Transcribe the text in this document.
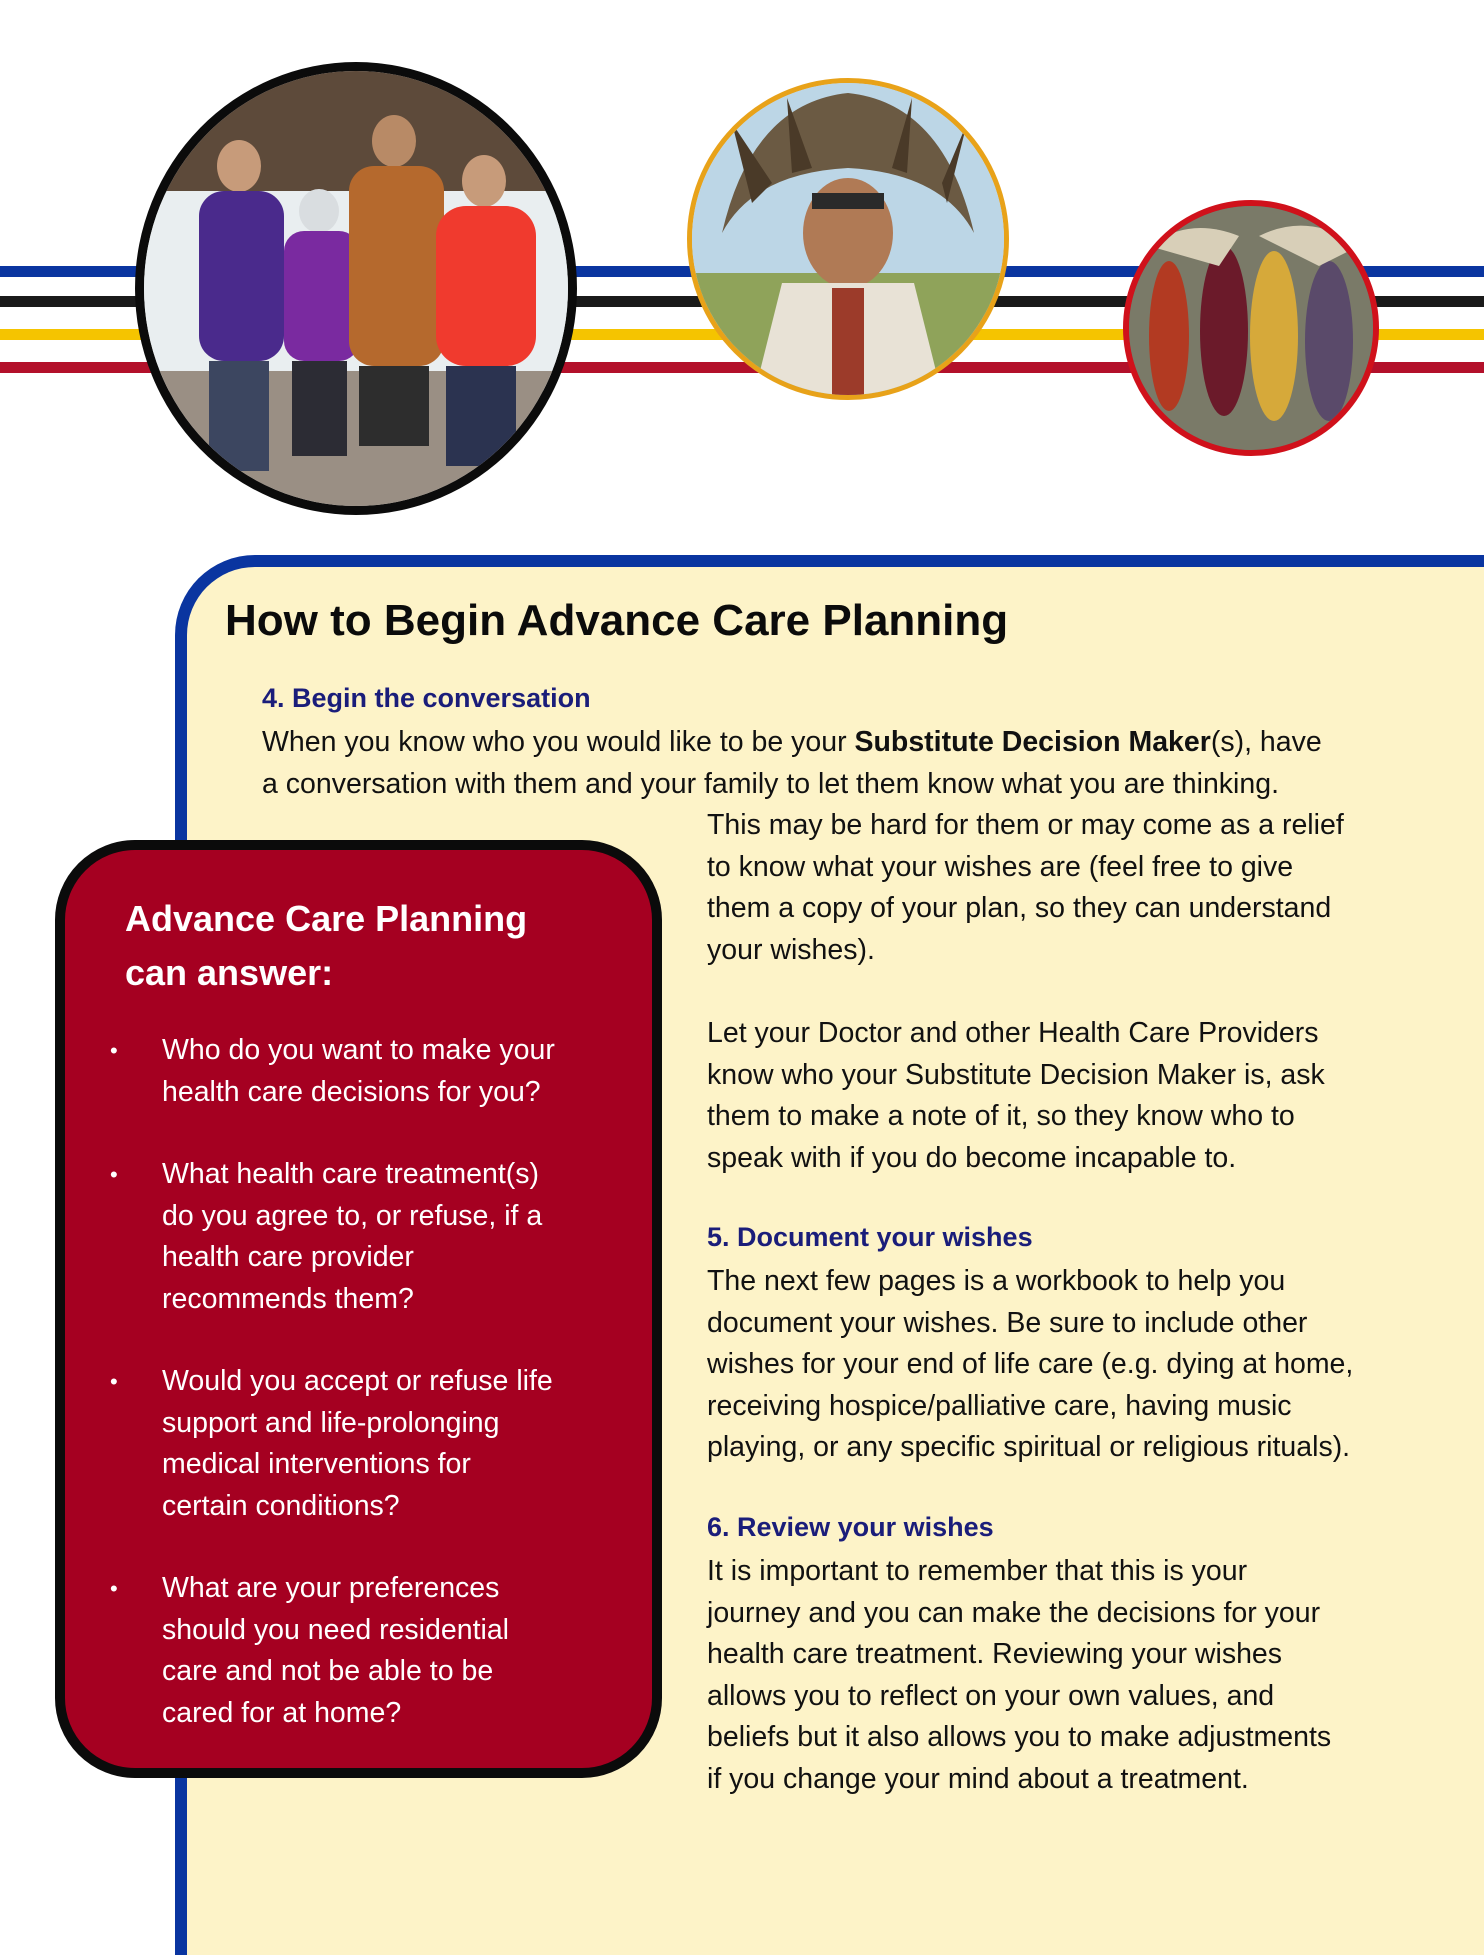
How to Begin Advance Care Planning
4. Begin the conversation

When you know who you would like to be your Substitute Decision Maker(s), have
a conversation with them and your family to let them know what you are thinking.

This may be hard for them or may come as a relief
to know what your wishes are (feel free to give
them a copy of your plan, so they can understand
your wishes).

Let your Doctor and other Health Care Providers
know who your Substitute Decision Maker is, ask
them to make a note of it, so they know who to
speak with if you do become incapable to.

5. Document your wishes

The next few pages is a workbook to help you
document your wishes. Be sure to include other
wishes for your end of life care (e.g. dying at home,
receiving hospice/palliative care, having music
playing, or any specific spiritual or religious rituals).

6. Review your wishes

It is important to remember that this is your
journey and you can make the decisions for your
health care treatment. Reviewing your wishes
allows you to reflect on your own values, and
beliefs but it also allows you to make adjustments
if you change your mind about a treatment.

Advance Care Planning
can answer:
• Who do you want to make your
health care decisions for you?
• What health care treatment(s)
do you agree to, or refuse, if a
health care provider
recommends them?
• Would you accept or refuse life
support and life-prolonging
medical interventions for
certain conditions?
• What are your preferences
should you need residential
care and not be able to be
cared for at home?
